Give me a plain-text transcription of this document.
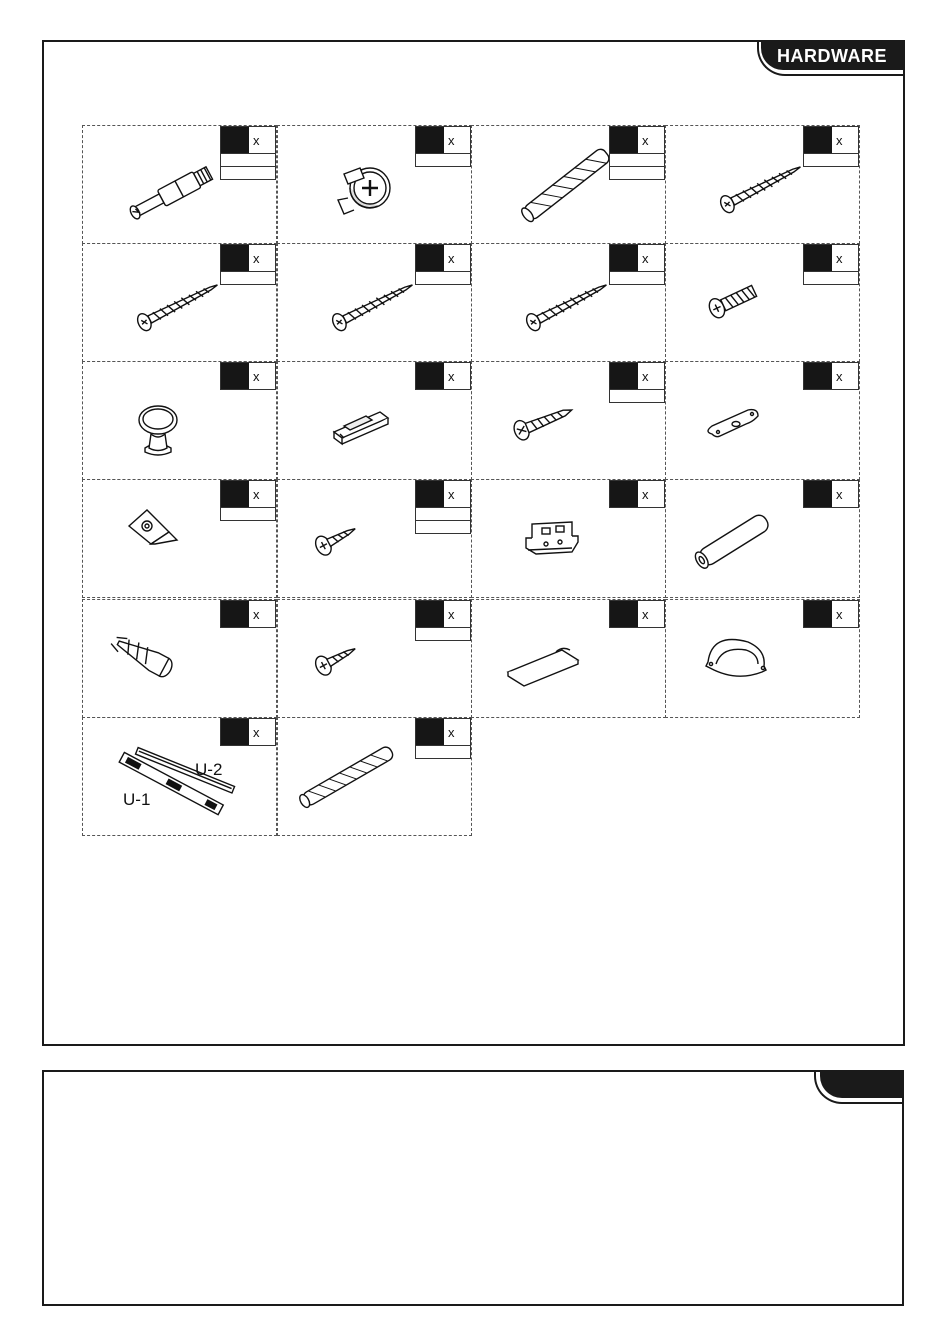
HARDWARE
x	x	x	x
x	x	x	x
x	x	x	x
x	x	x	x
x	x	x	x
x
U-2
U-1
x
